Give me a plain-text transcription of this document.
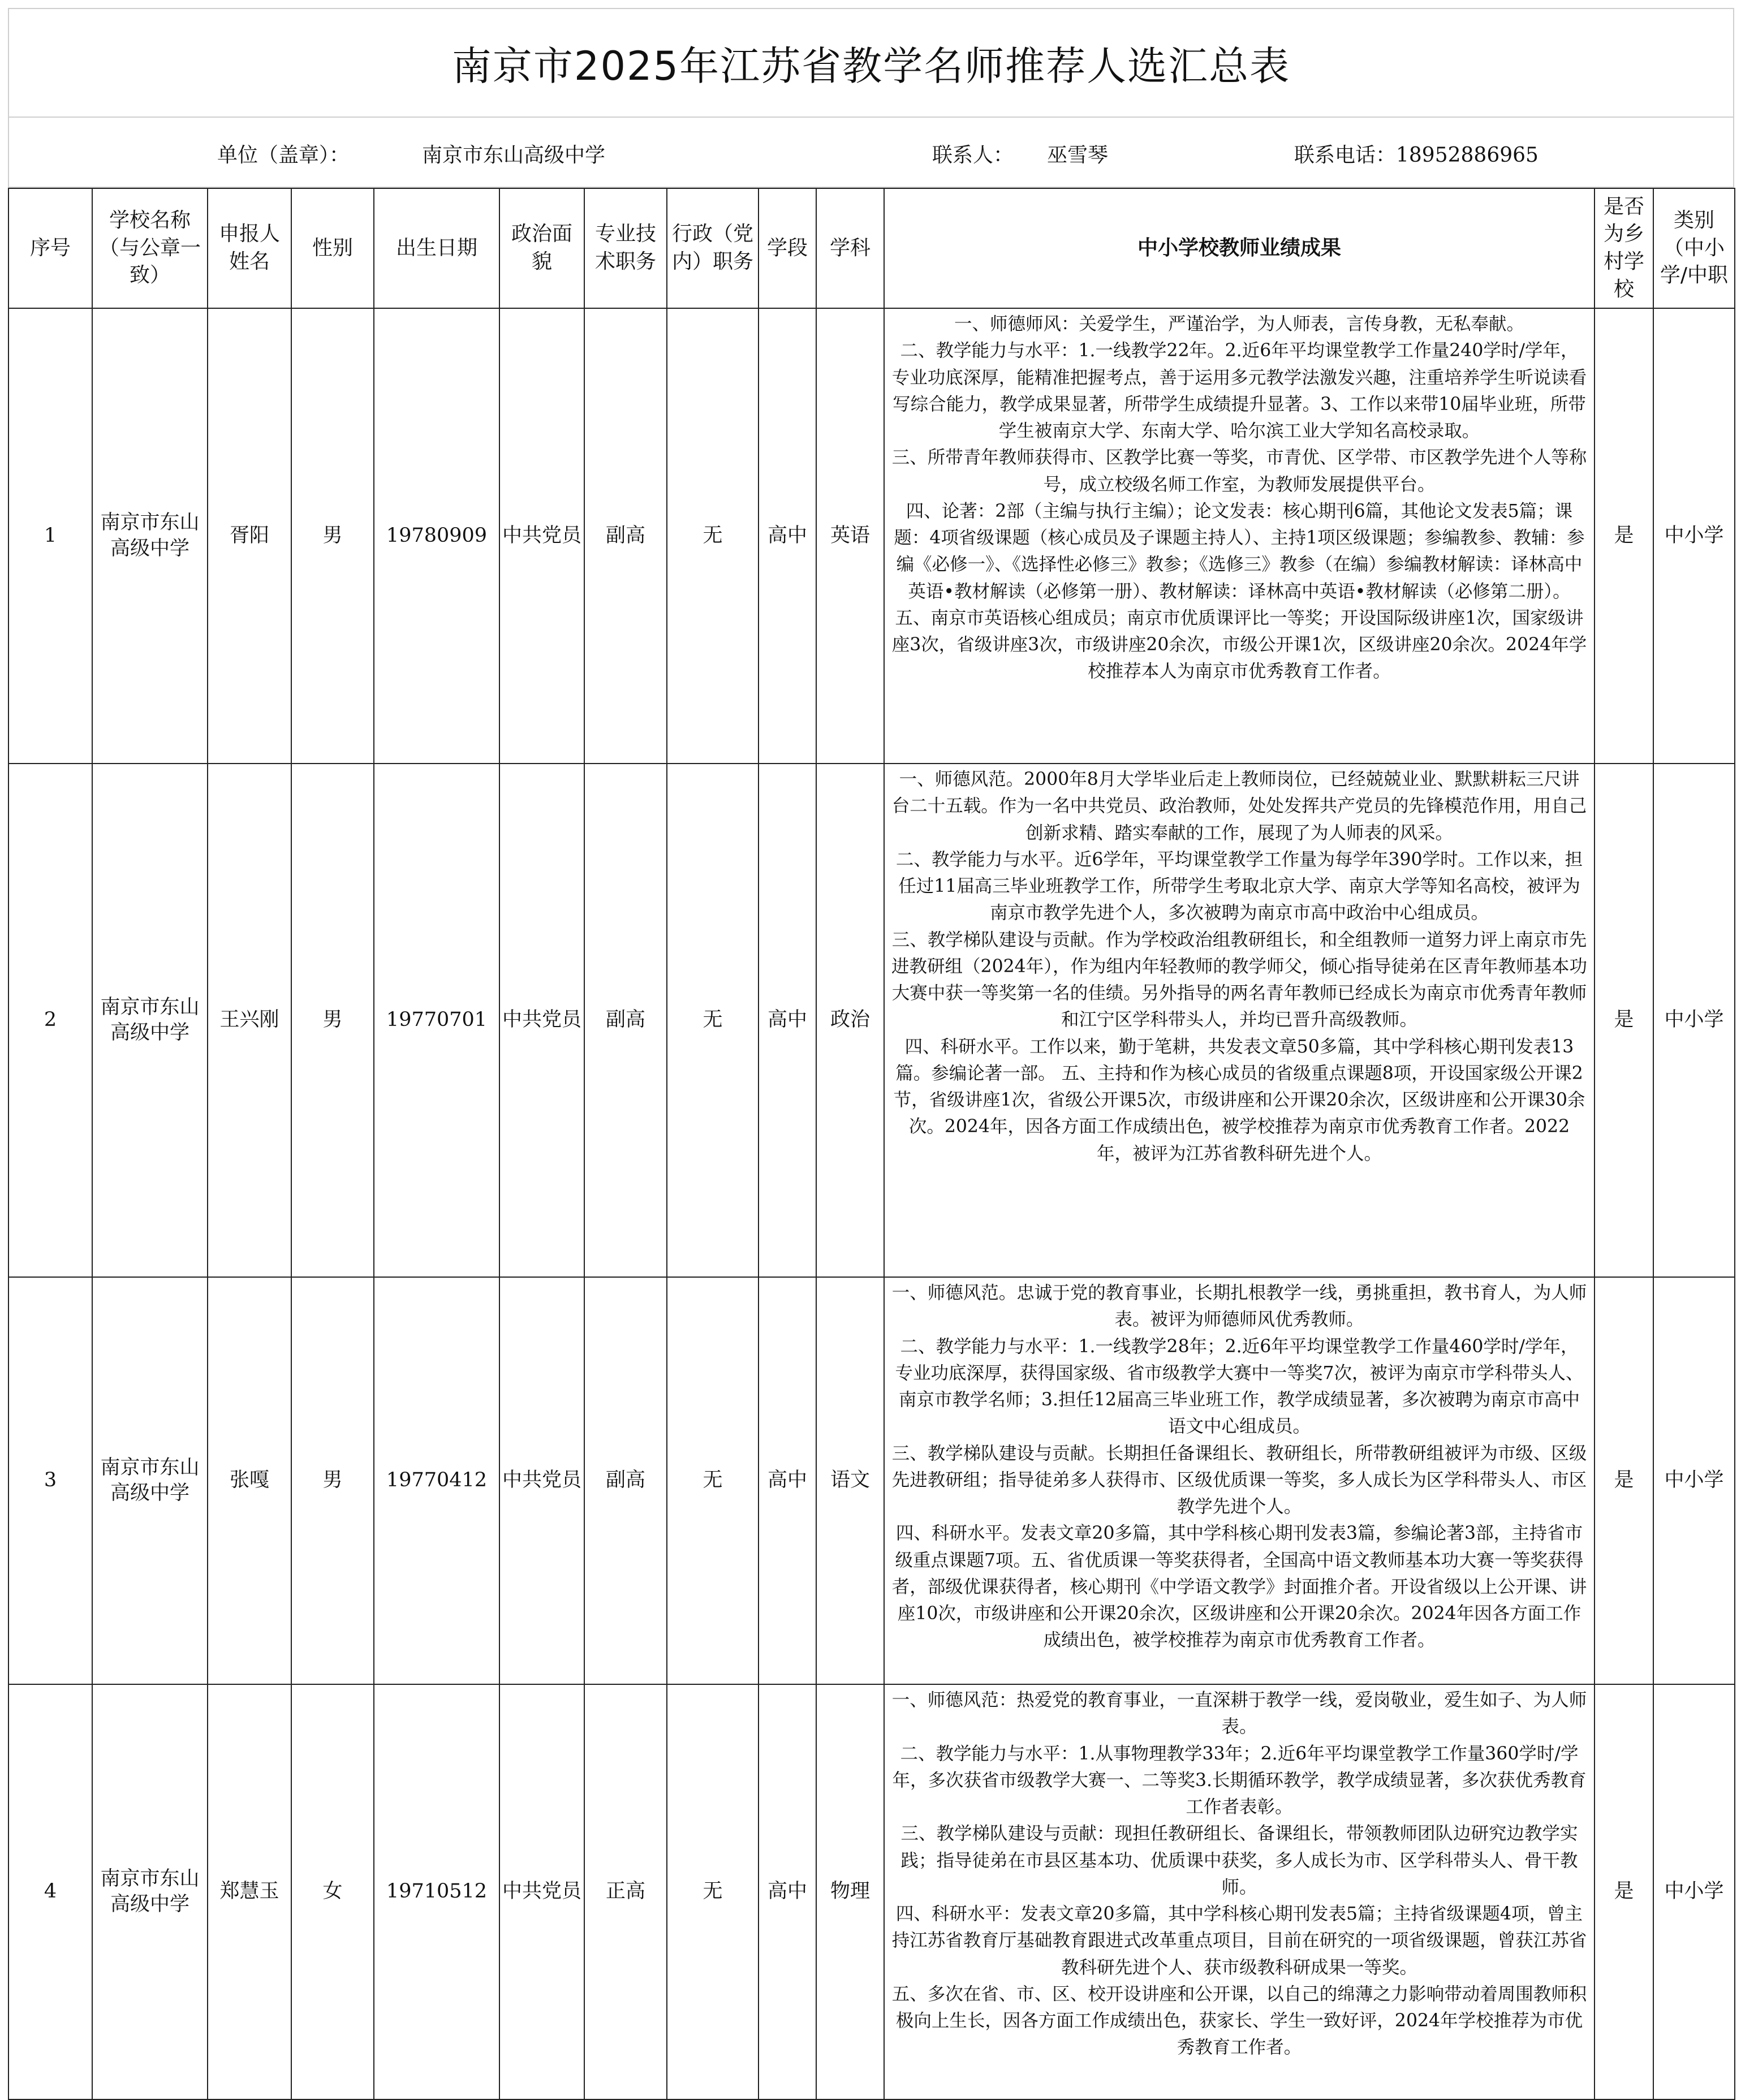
南京市2025年江苏省教学名师推荐人选汇总表
单位（盖章）：	南京市东山高级中学	联系人： 巫雪琴	联系电话：18952886965
序号	学校名称（与公章一致）	申报人姓名	性别	出生日期	政治面貌	专业技术职务	行政（党内）职务	学段	学科	中小学校教师业绩成果	是否为乡村学校	类别（中小学/中职
1	南京市东山高级中学	胥阳	男	19780909	中共党员	副高	无	高中	英语	一、师德师风：关爱学生，严谨治学，为人师表，言传身教，无私奉献。

二、教学能力与水平：1.一线教学22年。2.近6年平均课堂教学工作量240学时/学年，专业功底深厚，能精准把握考点，善于运用多元教学法激发兴趣，注重培养学生听说读看写综合能力，教学成果显著，所带学生成绩提升显著。3、工作以来带10届毕业班，所带学生被南京大学、东南大学、哈尔滨工业大学知名高校录取。

三、所带青年教师获得市、区教学比赛一等奖，市青优、区学带、市区教学先进个人等称号，成立校级名师工作室，为教师发展提供平台。

四、论著：2部（主编与执行主编）；论文发表：核心期刊6篇，其他论文发表5篇；课题：4项省级课题（核心成员及子课题主持人）、主持1项区级课题；参编教参、教辅：参编《必修一》、《选择性必修三》教参；《选修三》教参（在编）参编教材解读：译林高中英语•教材解读（必修第一册）、教材解读：译林高中英语•教材解读（必修第二册）。

五、南京市英语核心组成员；南京市优质课评比一等奖；开设国际级讲座1次，国家级讲座3次，省级讲座3次，市级讲座20余次，市级公开课1次，区级讲座20余次。2024年学校推荐本人为南京市优秀教育工作者。	是	中小学
2	南京市东山高级中学	王兴刚	男	19770701	中共党员	副高	无	高中	政治	一、师德风范。2000年8月大学毕业后走上教师岗位，已经兢兢业业、默默耕耘三尺讲台二十五载。作为一名中共党员、政治教师，处处发挥共产党员的先锋模范作用，用自己创新求精、踏实奉献的工作，展现了为人师表的风采。

二、教学能力与水平。近6学年，平均课堂教学工作量为每学年390学时。工作以来，担任过11届高三毕业班教学工作，所带学生考取北京大学、南京大学等知名高校，被评为南京市教学先进个人，多次被聘为南京市高中政治中心组成员。

三、教学梯队建设与贡献。作为学校政治组教研组长，和全组教师一道努力评上南京市先进教研组（2024年），作为组内年轻教师的教学师父，倾心指导徒弟在区青年教师基本功大赛中获一等奖第一名的佳绩。另外指导的两名青年教师已经成长为南京市优秀青年教师和江宁区学科带头人，并均已晋升高级教师。

四、科研水平。工作以来，勤于笔耕，共发表文章50多篇，其中学科核心期刊发表13篇。参编论著一部。 五、主持和作为核心成员的省级重点课题8项，开设国家级公开课2节，省级讲座1次，省级公开课5次，市级讲座和公开课20余次，区级讲座和公开课30余次。2024年，因各方面工作成绩出色，被学校推荐为南京市优秀教育工作者。2022年，被评为江苏省教科研先进个人。	是	中小学
3	南京市东山高级中学	张嘎	男	19770412	中共党员	副高	无	高中	语文	一、师德风范。忠诚于党的教育事业，长期扎根教学一线，勇挑重担，教书育人，为人师表。被评为师德师风优秀教师。

二、教学能力与水平：1.一线教学28年；2.近6年平均课堂教学工作量460学时/学年，专业功底深厚，获得国家级、省市级教学大赛中一等奖7次，被评为南京市学科带头人、南京市教学名师；3.担任12届高三毕业班工作，教学成绩显著，多次被聘为南京市高中语文中心组成员。

三、教学梯队建设与贡献。长期担任备课组长、教研组长，所带教研组被评为市级、区级先进教研组；指导徒弟多人获得市、区级优质课一等奖，多人成长为区学科带头人、市区教学先进个人。

四、科研水平。发表文章20多篇，其中学科核心期刊发表3篇，参编论著3部，主持省市级重点课题7项。五、省优质课一等奖获得者，全国高中语文教师基本功大赛一等奖获得者，部级优课获得者，核心期刊《中学语文教学》封面推介者。开设省级以上公开课、讲座10次，市级讲座和公开课20余次，区级讲座和公开课20余次。2024年因各方面工作成绩出色，被学校推荐为南京市优秀教育工作者。	是	中小学
4	南京市东山高级中学	郑慧玉	女	19710512	中共党员	正高	无	高中	物理	一、师德风范：热爱党的教育事业，一直深耕于教学一线，爱岗敬业，爱生如子、为人师表。

二、教学能力与水平：1.从事物理教学33年；2.近6年平均课堂教学工作量360学时/学年，多次获省市级教学大赛一、二等奖3.长期循环教学，教学成绩显著，多次获优秀教育工作者表彰。

三、教学梯队建设与贡献：现担任教研组长、备课组长，带领教师团队边研究边教学实践；指导徒弟在市县区基本功、优质课中获奖，多人成长为市、区学科带头人、骨干教师。

四、科研水平：发表文章20多篇，其中学科核心期刊发表5篇；主持省级课题4项，曾主持江苏省教育厅基础教育跟进式改革重点项目，目前在研究的一项省级课题，曾获江苏省教科研先进个人、获市级教科研成果一等奖。

五、多次在省、市、区、校开设讲座和公开课，以自己的绵薄之力影响带动着周围教师积极向上生长，因各方面工作成绩出色，获家长、学生一致好评，2024年学校推荐为市优秀教育工作者。	是	中小学
